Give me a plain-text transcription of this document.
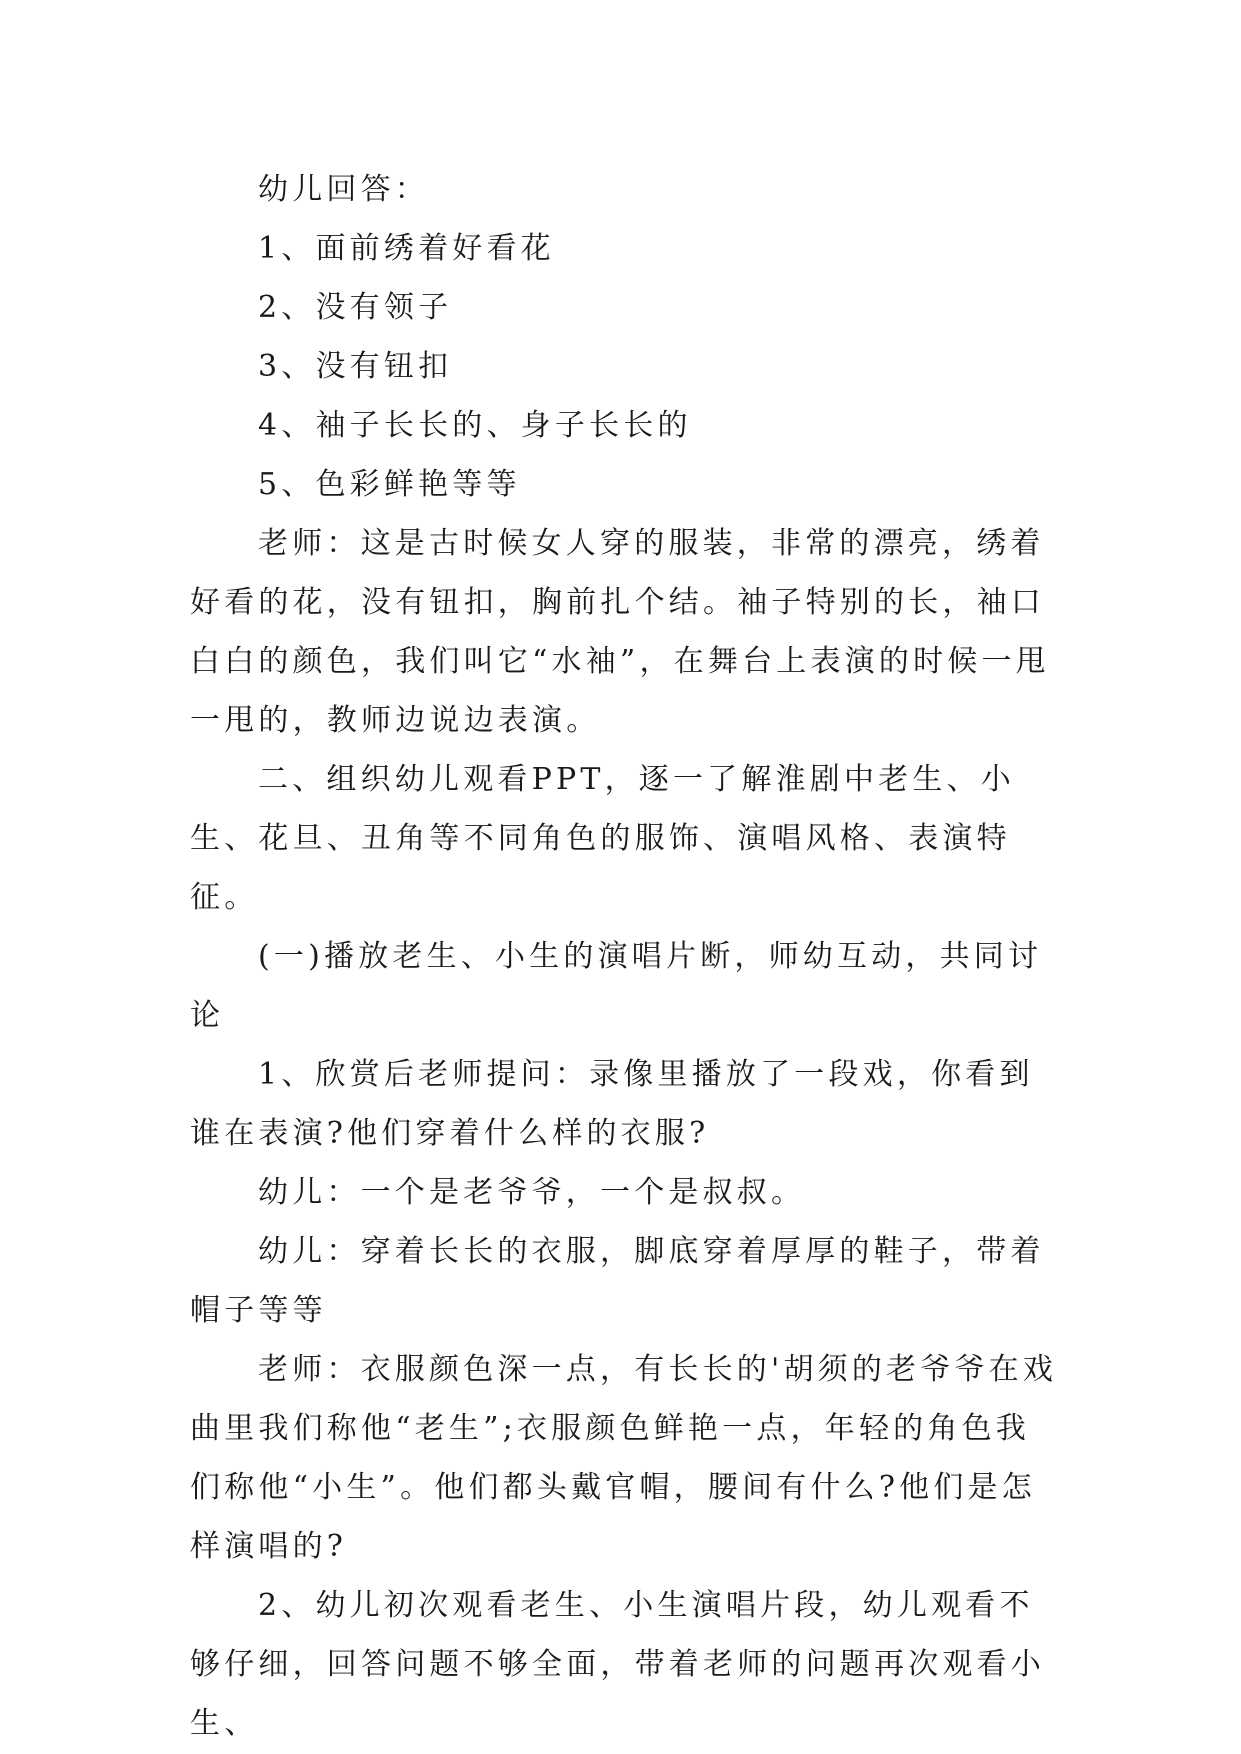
幼儿回答：

1、面前绣着好看花

2、没有领子

3、没有钮扣

4、袖子长长的、身子长长的

5、色彩鲜艳等等

老师：这是古时候女人穿的服装，非常的漂亮，绣着好看的花，没有钮扣，胸前扎个结。袖子特别的长，袖口白白的颜色，我们叫它“水袖”，在舞台上表演的时候一甩一甩的，教师边说边表演。

二、组织幼儿观看PPT，逐一了解淮剧中老生、小生、花旦、丑角等不同角色的服饰、演唱风格、表演特征。

(一)播放老生、小生的演唱片断，师幼互动，共同讨论

1、欣赏后老师提问：录像里播放了一段戏，你看到谁在表演?他们穿着什么样的衣服?

幼儿：一个是老爷爷，一个是叔叔。

幼儿：穿着长长的衣服，脚底穿着厚厚的鞋子，带着帽子等等

老师：衣服颜色深一点，有长长的'胡须的老爷爷在戏曲里我们称他“老生”;衣服颜色鲜艳一点，年轻的角色我们称他“小生”。他们都头戴官帽，腰间有什么?他们是怎样演唱的?

2、幼儿初次观看老生、小生演唱片段，幼儿观看不够仔细，回答问题不够全面，带着老师的问题再次观看小生、
